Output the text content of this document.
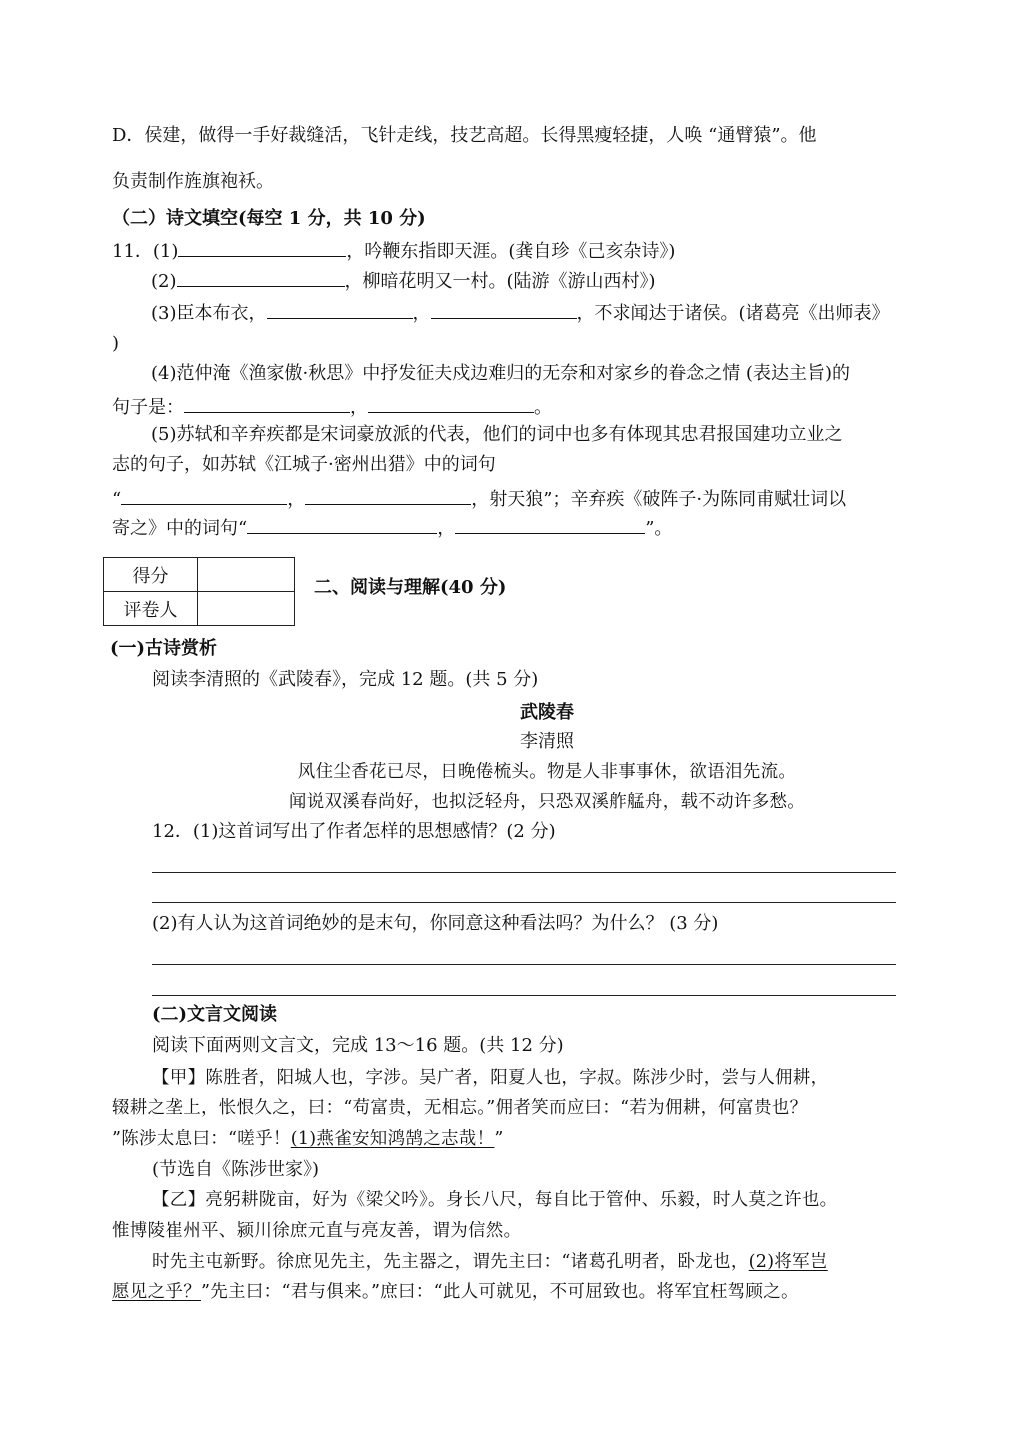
D．侯建，做得一手好裁缝活，飞针走线，技艺高超。长得黑瘦轻捷，人唤 “通臂猿”。他
负责制作旌旗袍袄。
（二）诗文填空(每空 1 分，共 10 分)
11．(1)	，吟鞭东指即天涯。(龚自珍《己亥杂诗》)
(2)	，柳暗花明又一村。(陆游《游山西村》)
(3)臣本布衣，	，	，不求闻达于诸侯。(诸葛亮《出师表》
)
(4)范仲淹《渔家傲·秋思》中抒发征夫戍边难归的无奈和对家乡的眷念之情 (表达主旨)的
句子是：	，	。
(5)苏轼和辛弃疾都是宋词豪放派的代表，他们的词中也多有体现其忠君报国建功立业之
志的句子，如苏轼《江城子·密州出猎》中的词句
“	，	，射天狼”；辛弃疾《破阵子·为陈同甫赋壮词以
寄之》中的词句“	，	”。
得分	
评卷人	
二、阅读与理解(40 分)
(一)古诗赏析
阅读李清照的《武陵春》，完成 12 题。(共 5 分)
武陵春
李清照
风住尘香花已尽，日晚倦梳头。物是人非事事休，欲语泪先流。
闻说双溪春尚好，也拟泛轻舟，只恐双溪舴艋舟，载不动许多愁。
12．(1)这首词写出了作者怎样的思想感情？(2 分)
(2)有人认为这首词绝妙的是末句，你同意这种看法吗？为什么？ (3 分)
(二)文言文阅读
阅读下面两则文言文，完成 13～16 题。(共 12 分)
【甲】陈胜者，阳城人也，字涉。吴广者，阳夏人也，字叔。陈涉少时，尝与人佣耕，
辍耕之垄上，怅恨久之，曰：“苟富贵，无相忘。”佣者笑而应曰：“若为佣耕，何富贵也？
”陈涉太息曰：“嗟乎！(1)燕雀安知鸿鹄之志哉！”
(节选自《陈涉世家》)
【乙】亮躬耕陇亩，好为《梁父吟》。身长八尺，每自比于管仲、乐毅，时人莫之许也。
惟博陵崔州平、颍川徐庶元直与亮友善，谓为信然。
时先主屯新野。徐庶见先主，先主器之，谓先主曰：“诸葛孔明者，卧龙也，(2)将军岂
愿见之乎？”先主曰：“君与俱来。”庶曰：“此人可就见，不可屈致也。将军宜枉驾顾之。
